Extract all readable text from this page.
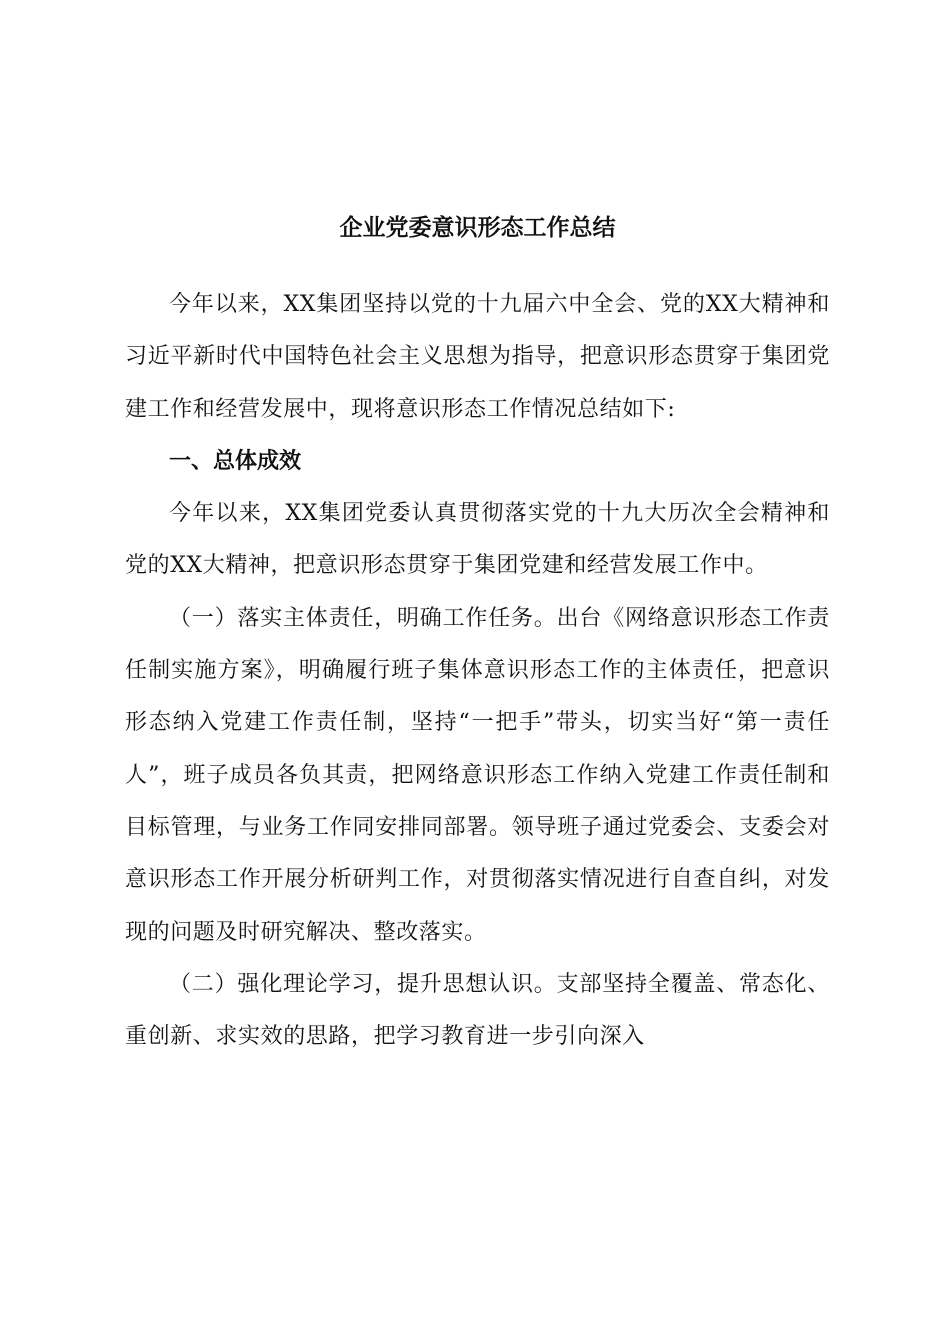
企业党委意识形态工作总结

今年以来，XX集团坚持以党的十九届六中全会、党的XX大精神和习近平新时代中国特色社会主义思想为指导，把意识形态贯穿于集团党建工作和经营发展中，现将意识形态工作情况总结如下:

一、总体成效

今年以来，XX集团党委认真贯彻落实党的十九大历次全会精神和党的XX大精神，把意识形态贯穿于集团党建和经营发展工作中。

（一）落实主体责任，明确工作任务。出台《网络意识形态工作责任制实施方案》，明确履行班子集体意识形态工作的主体责任，把意识形态纳入党建工作责任制，坚持“一把手”带头，切实当好“第一责任人”，班子成员各负其责，把网络意识形态工作纳入党建工作责任制和目标管理，与业务工作同安排同部署。领导班子通过党委会、支委会对意识形态工作开展分析研判工作，对贯彻落实情况进行自查自纠，对发现的问题及时研究解决、整改落实。

（二）强化理论学习，提升思想认识。支部坚持全覆盖、常态化、重创新、求实效的思路，把学习教育进一步引向深入
